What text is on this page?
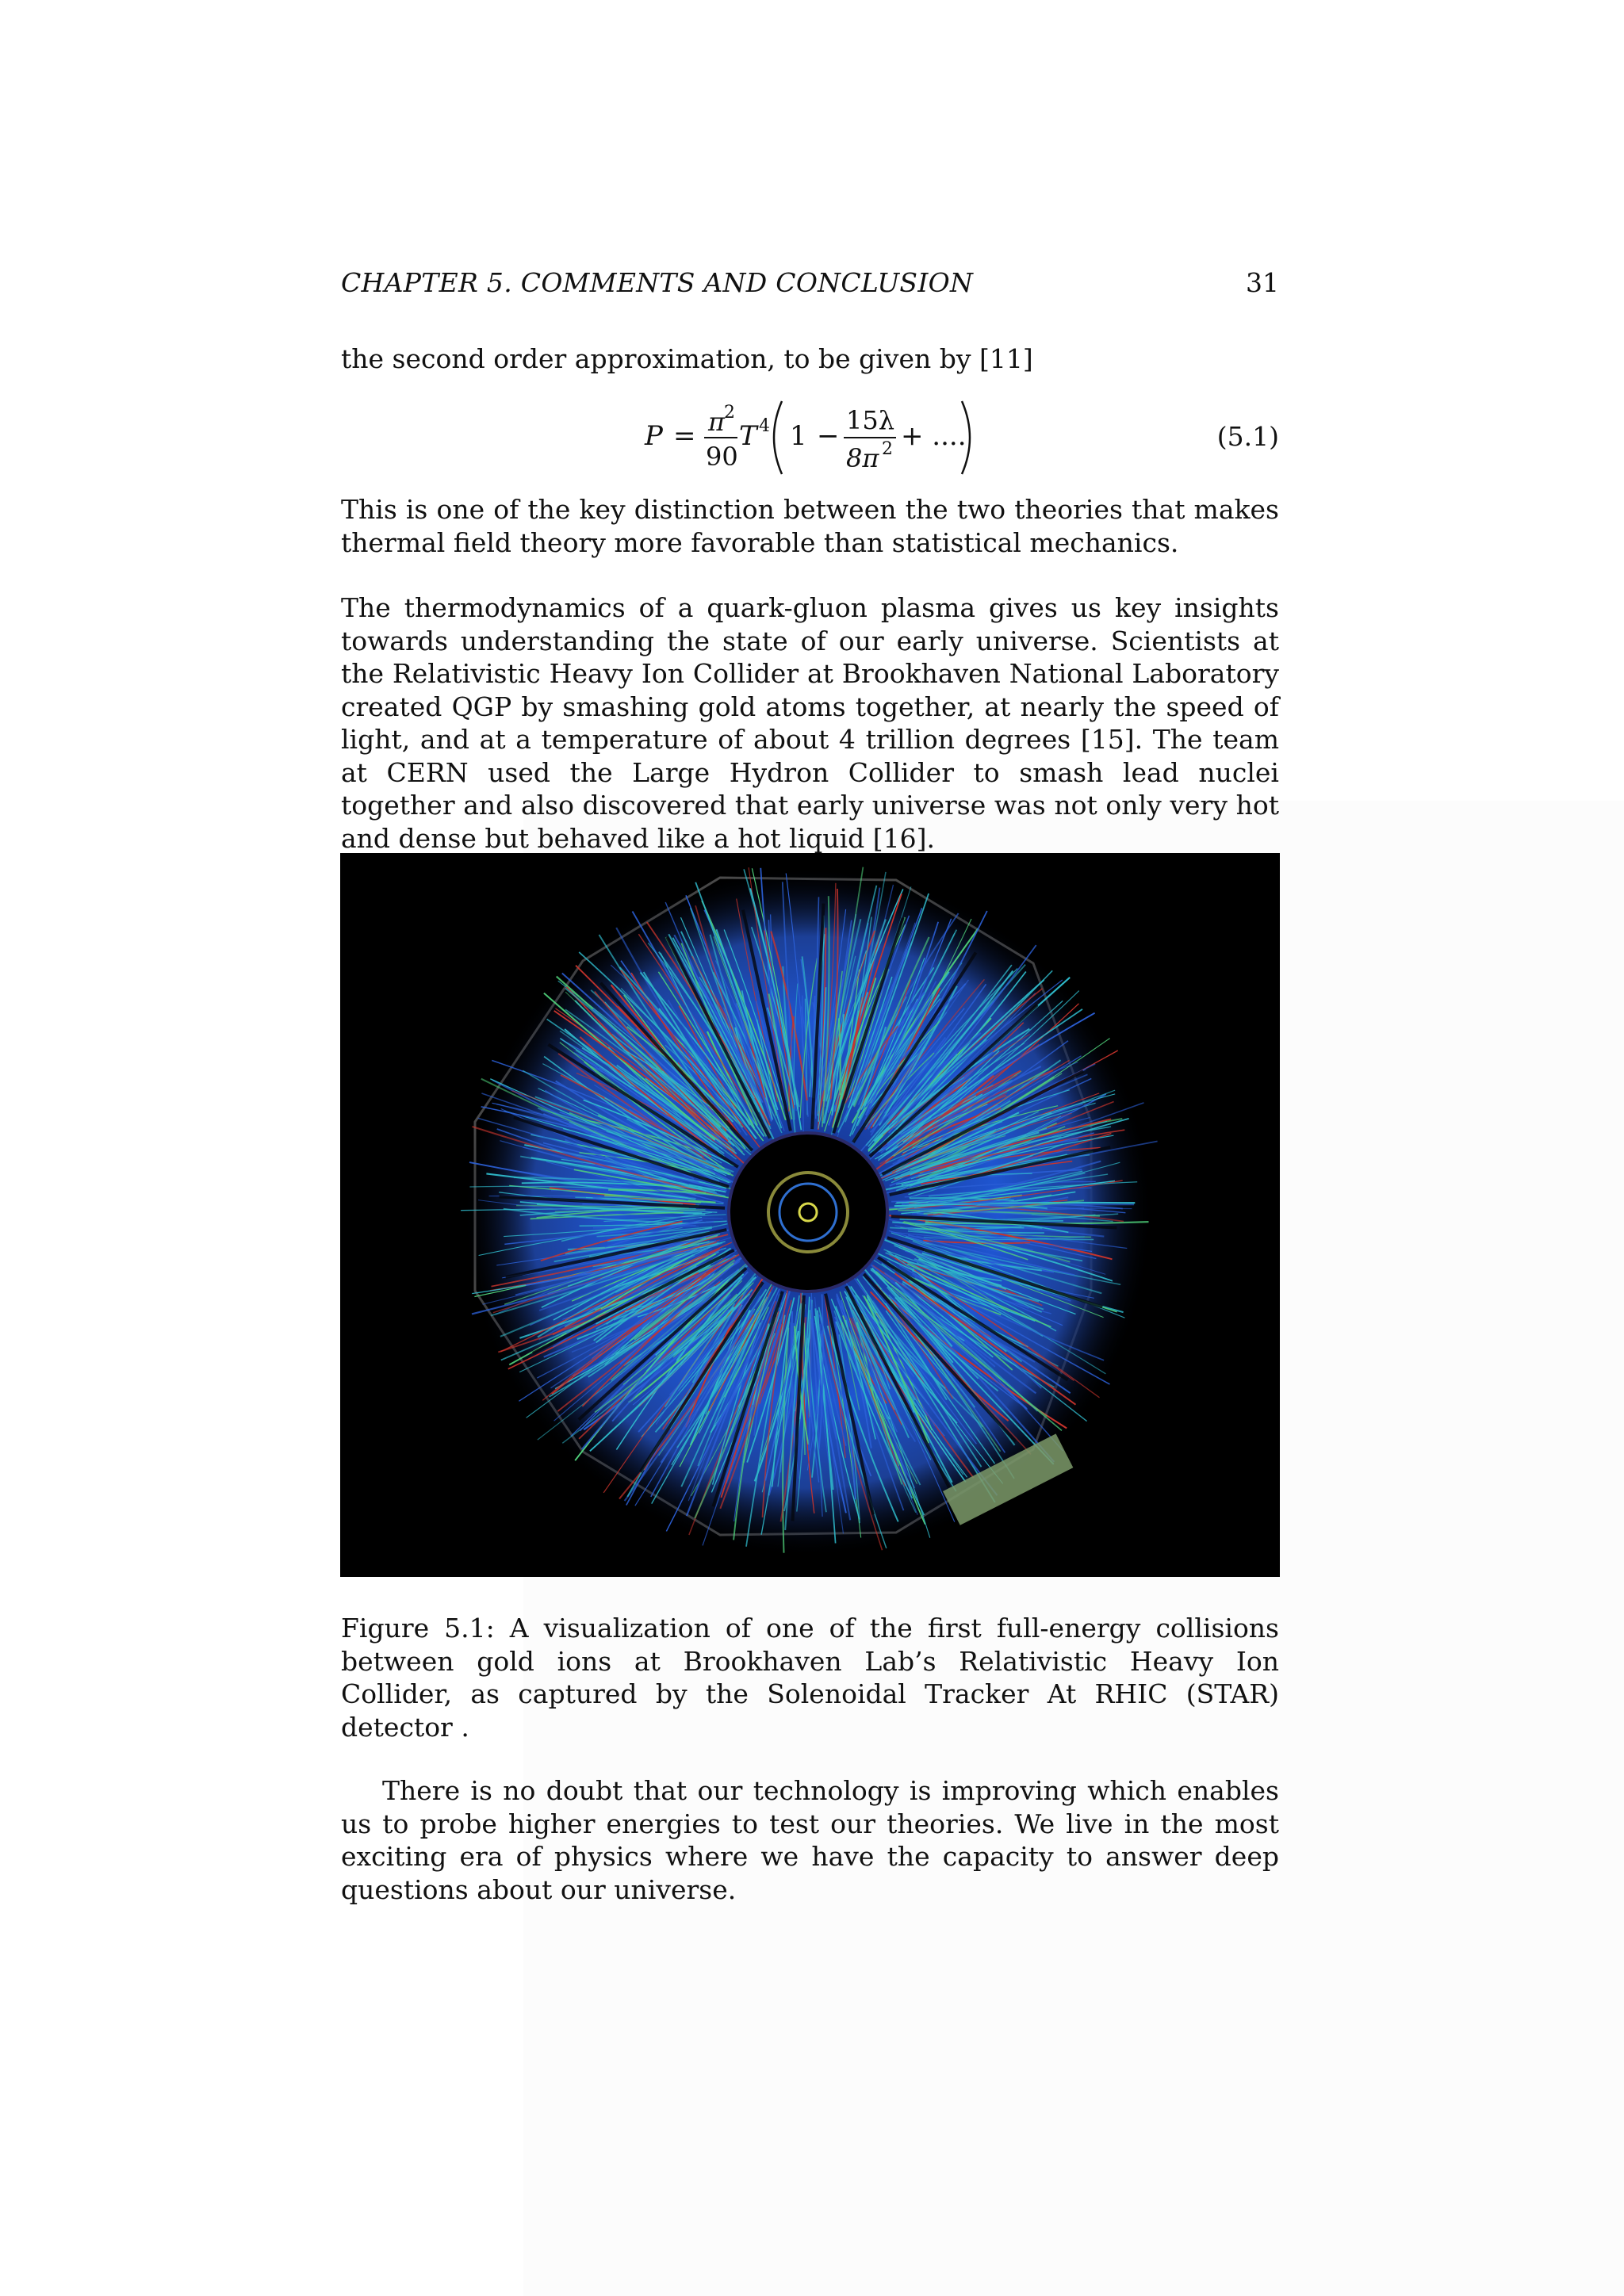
CHAPTER 5. COMMENTS AND CONCLUSION	31

the second order approximation, to be given by [11]

P = π
2
90
T 4 1 − 15λ
8π 2 + ....	(5.1)

This is one of the key distinction between the two theories that makes thermal field theory more favorable than statistical mechanics.

The thermodynamics of a quark-gluon plasma gives us key insights towards understanding the state of our early universe. Scientists at the Relativistic Heavy Ion Collider at Brookhaven National Laboratory created QGP by smashing gold atoms together, at nearly the speed of light, and at a temperature of about 4 trillion degrees [15]. The team at CERN used the Large Hydron Collider to smash lead nuclei together and also discovered that early universe was not only very hot and dense but behaved like a hot liquid [16].

Figure 5.1: A visualization of one of the first full-energy collisions between gold ions at Brookhaven Lab’s Relativistic Heavy Ion Collider, as captured by the Solenoidal Tracker At RHIC (STAR) detector .

There is no doubt that our technology is improving which enables us to probe higher energies to test our theories. We live in the most exciting era of physics where we have the capacity to answer deep questions about our universe.
